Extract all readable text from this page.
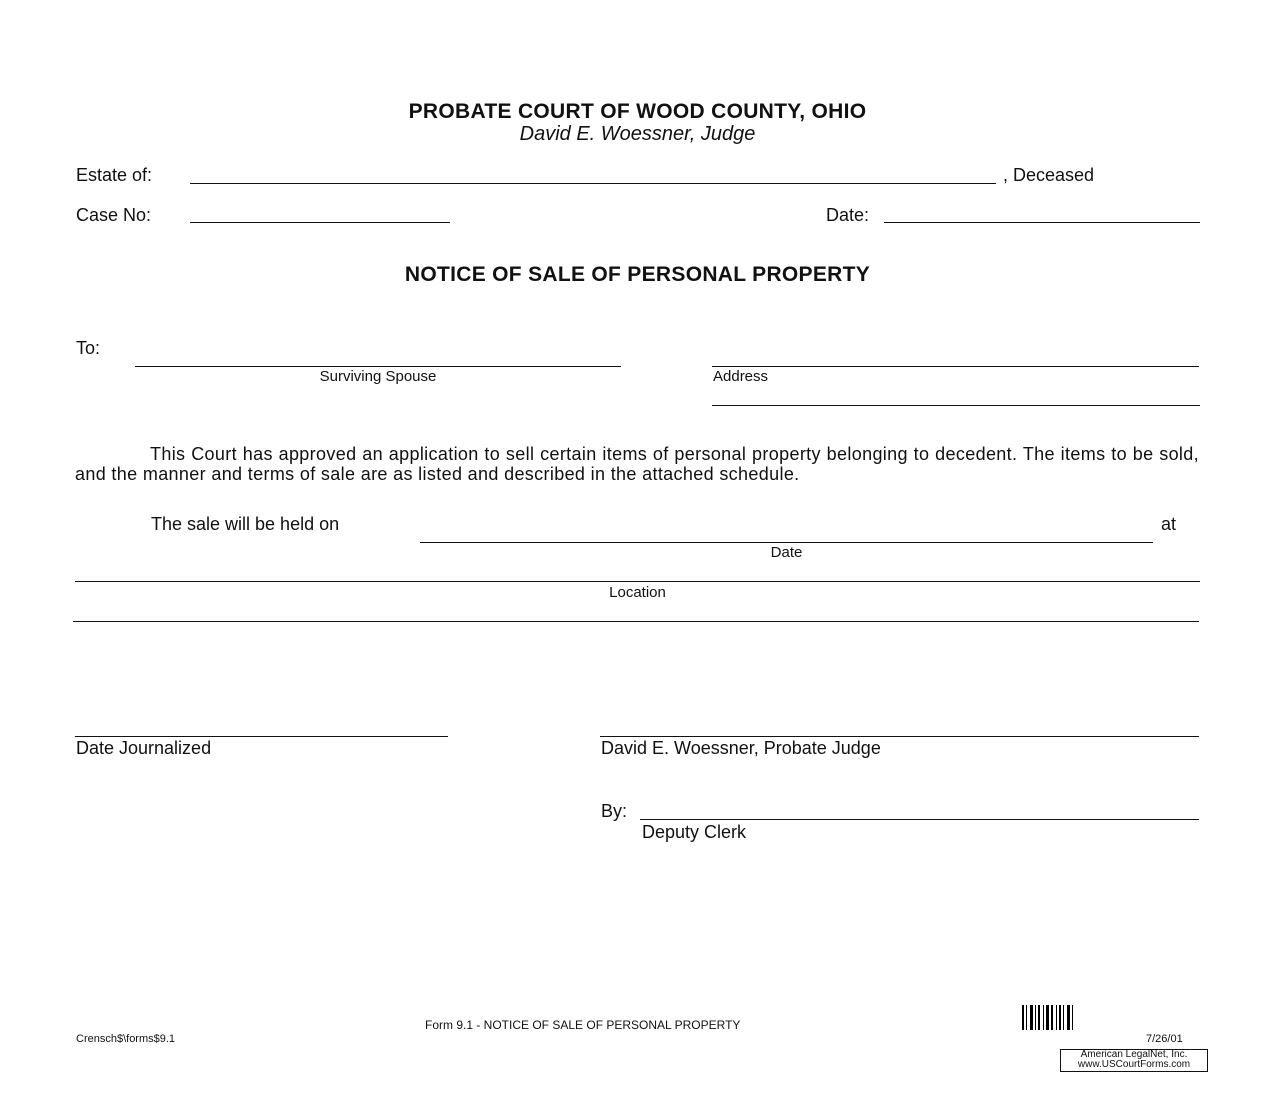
PROBATE COURT OF WOOD COUNTY, OHIO
David E. Woessner, Judge
Estate of:	, Deceased
Case No:	Date:
NOTICE OF SALE OF PERSONAL PROPERTY
To:
Surviving Spouse	Address
This Court has approved an application to sell certain items of personal property belonging to decedent. The items to be sold, and the manner and terms of sale are as listed and described in the attached schedule.
The sale will be held on	at
Date
Location
Date Journalized	David E. Woessner, Probate Judge
By:
Deputy Clerk
Form 9.1 - NOTICE OF SALE OF PERSONAL PROPERTY
Crensch$\forms$9.1	7/26/01
American LegalNet, Inc.
www.USCourtForms.com
